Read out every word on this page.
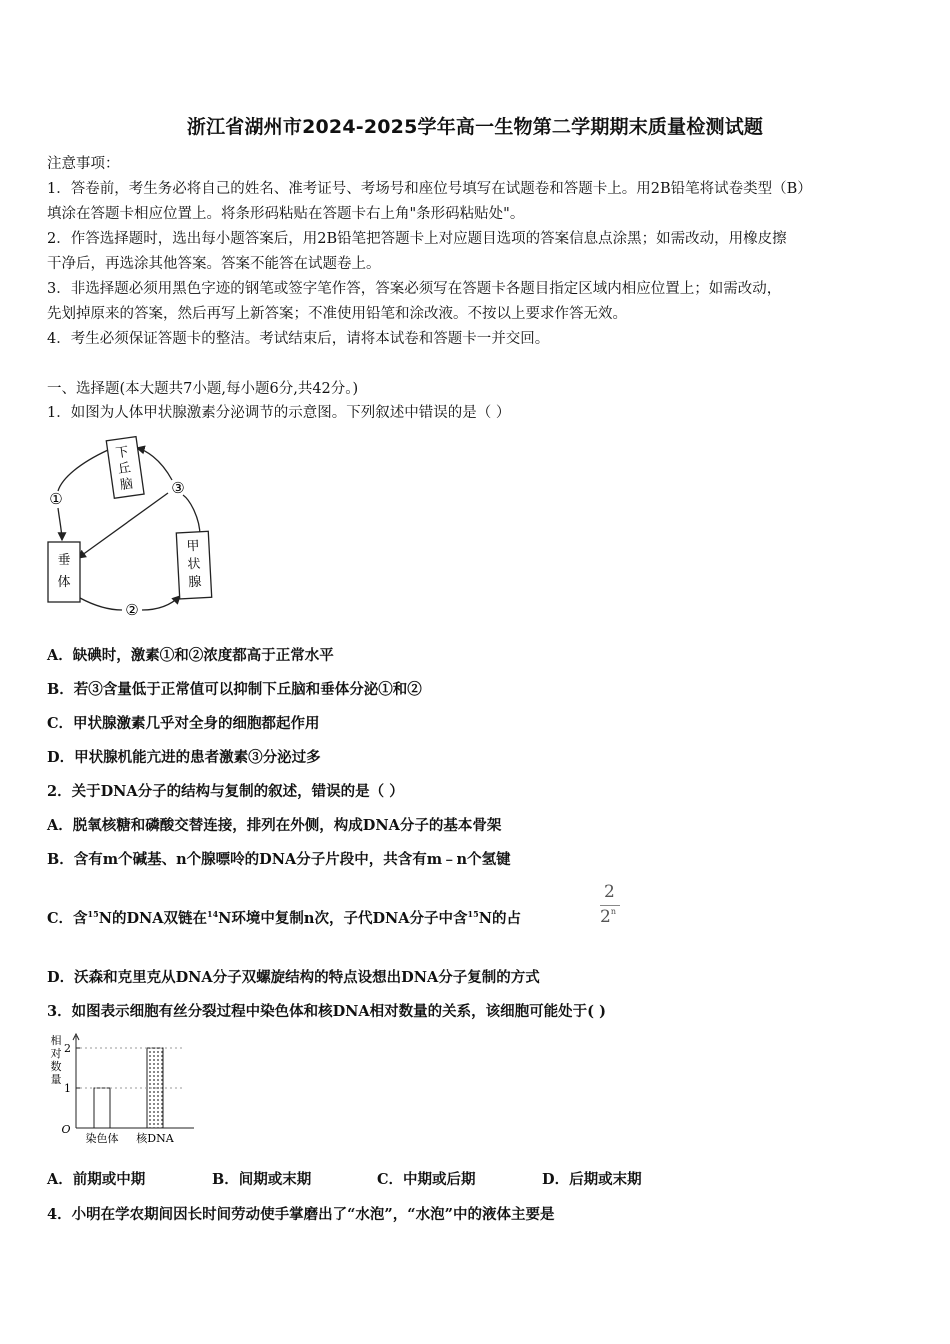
浙江省湖州市2024-2025学年高一生物第二学期期末质量检测试题
注意事项：
1．答卷前，考生务必将自己的姓名、准考证号、考场号和座位号填写在试题卷和答题卡上。用2B铅笔将试卷类型（B）
填涂在答题卡相应位置上。将条形码粘贴在答题卡右上角"条形码粘贴处"。
2．作答选择题时，选出每小题答案后，用2B铅笔把答题卡上对应题目选项的答案信息点涂黑；如需改动，用橡皮擦
干净后，再选涂其他答案。答案不能答在试题卷上。
3．非选择题必须用黑色字迹的钢笔或签字笔作答，答案必须写在答题卡各题目指定区域内相应位置上；如需改动，
先划掉原来的答案，然后再写上新答案；不准使用铅笔和涂改液。不按以上要求作答无效。
4．考生必须保证答题卡的整洁。考试结束后，请将本试卷和答题卡一并交回。
一、选择题(本大题共7小题,每小题6分,共42分。)
1．如图为人体甲状腺激素分泌调节的示意图。下列叙述中错误的是（ ）
下丘脑
垂体
甲状腺
①
②
③
A．缺碘时，激素①和②浓度都高于正常水平
B．若③含量低于正常值可以抑制下丘脑和垂体分泌①和②
C．甲状腺激素几乎对全身的细胞都起作用
D．甲状腺机能亢进的患者激素③分泌过多
2．关于DNA分子的结构与复制的叙述，错误的是（ ）
A．脱氧核糖和磷酸交替连接，排列在外侧，构成DNA分子的基本骨架
B．含有m个碱基、n个腺嘌呤的DNA分子片段中，共含有m﹣n个氢键
C．含$^{15}$N的DNA双链在$^{14}$N环境中复制n次，子代DNA分子中含$^{15}$N的占
2
2$^n$
D．沃森和克里克从DNA分子双螺旋结构的特点设想出DNA分子复制的方式
3．如图表示细胞有丝分裂过程中染色体和核DNA相对数量的关系，该细胞可能处于( )
相
对
数
量
O
2
1
染色体 核DNA
A．前期或中期	B．间期或末期	C．中期或后期	D．后期或末期
4．小明在学农期间因长时间劳动使手掌磨出了“水泡”，“水泡”中的液体主要是
